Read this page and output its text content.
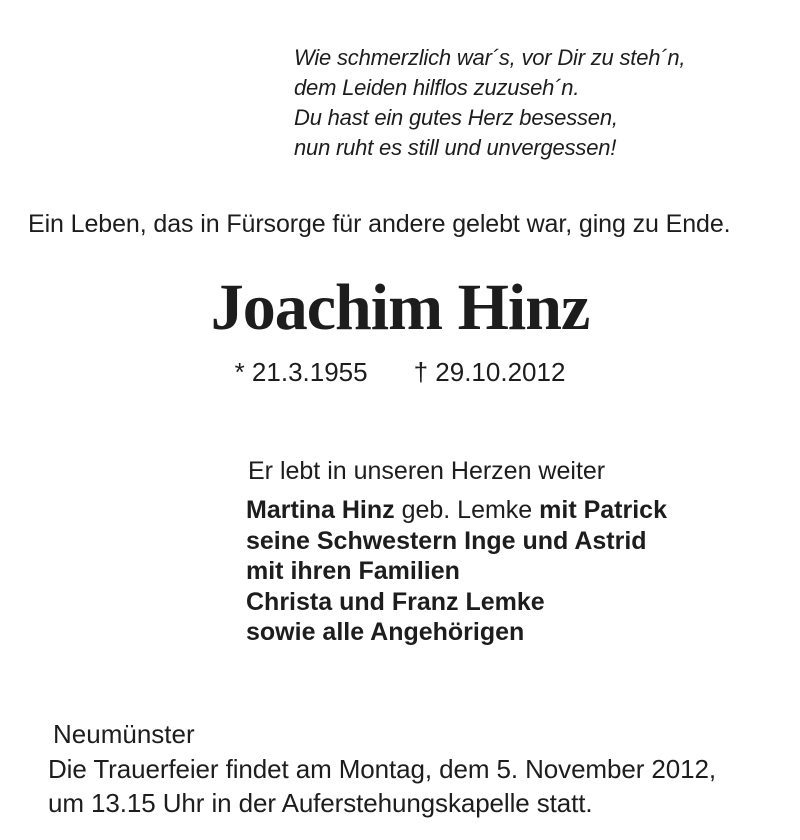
Wie schmerzlich war´s, vor Dir zu steh´n,
dem Leiden hilflos zuzuseh´n.
Du hast ein gutes Herz besessen,
nun ruht es still und unvergessen!
Ein Leben, das in Fürsorge für andere gelebt war, ging zu Ende.
Joachim Hinz
* 21.3.1955 † 29.10.2012
Er lebt in unseren Herzen weiter
Martina Hinz geb. Lemke mit Patrick
seine Schwestern Inge und Astrid
mit ihren Familien
Christa und Franz Lemke
sowie alle Angehörigen
Neumünster
Die Trauerfeier findet am Montag, dem 5. November 2012,
um 13.15 Uhr in der Auferstehungskapelle statt.
